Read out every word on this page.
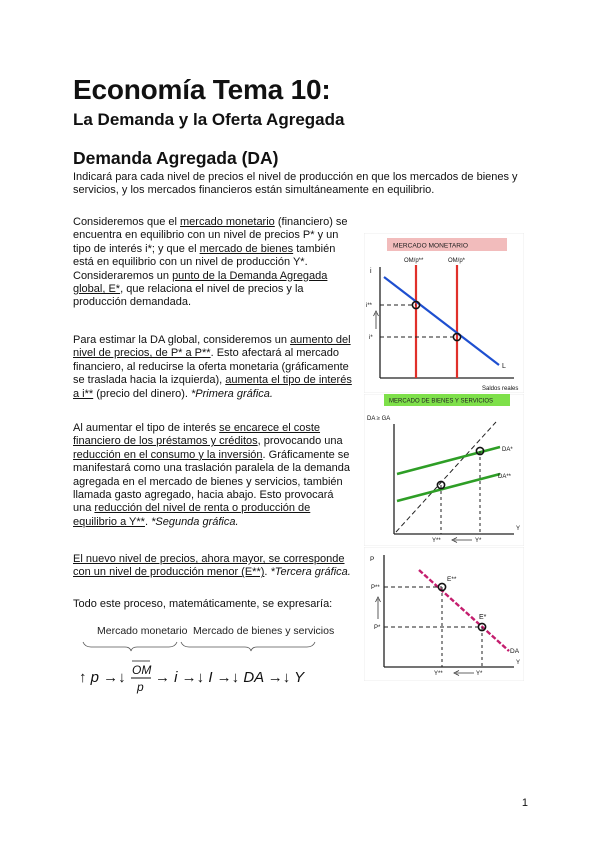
Economía Tema 10:
La Demanda y la Oferta Agregada
Demanda Agregada (DA)
Indicará para cada nivel de precios el nivel de producción en que los mercados de bienes y
servicios, y los mercados financieros están simultáneamente en equilibrio.
Consideremos que el mercado monetario (financiero) se
encuentra en equilibrio con un nivel de precios P* y un
tipo de interés i*; y que el mercado de bienes también
está en equilibrio con un nivel de producción Y*.
Consideraremos un punto de la Demanda Agregada
global, E*, que relaciona el nivel de precios y la
producción demandada.
Para estimar la DA global, consideremos un aumento del
nivel de precios, de P* a P**. Esto afectará al mercado
financiero, al reducirse la oferta monetaria (gráficamente
se traslada hacia la izquierda), aumenta el tipo de interés
a i** (precio del dinero). *Primera gráfica.
Al aumentar el tipo de interés se encarece el coste
financiero de los préstamos y créditos, provocando una
reducción en el consumo y la inversión. Gráficamente se
manifestará como una traslación paralela de la demanda
agregada en el mercado de bienes y servicios, también
llamada gasto agregado, hacia abajo. Esto provocará
una reducción del nivel de renta o producción de
equilibrio a Y**. *Segunda gráfica.
El nuevo nivel de precios, ahora mayor, se corresponde
con un nivel de producción menor (E**). *Tercera gráfica.
Todo este proceso, matemáticamente, se expresaría:
Mercado monetario Mercado de bienes y servicios
↑ p →↓ OM
p
→ i →↓ I →↓ DA →↓ Y
MERCADO MONETARIO
i
OM/p**	OM/p*
L
i**
i*
Saldos reales
MERCADO DE BIENES Y SERVICIOS
DA ≥ GA
DA*
DA**
Y
Y**	Y*
P
DA
P**
P*
E**
E*
Y
Y**	Y*
1
